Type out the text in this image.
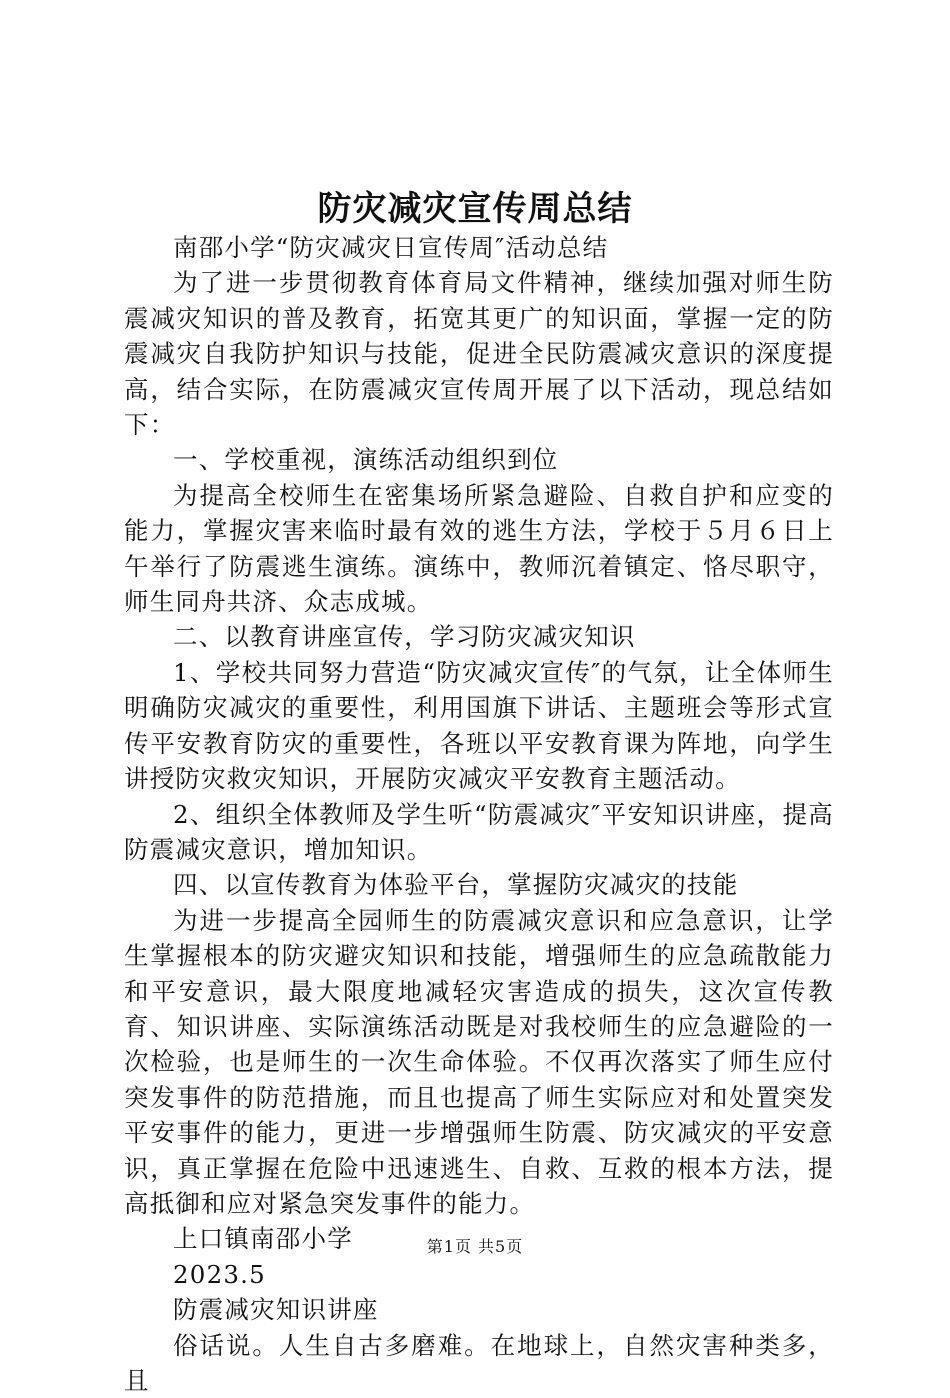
防灾减灾宣传周总结

南邵小学“防灾减灾日宣传周″活动总结

为了进一步贯彻教育体育局文件精神，继续加强对师生防震减灾知识的普及教育，拓宽其更广的知识面，掌握一定的防震减灾自我防护知识与技能，促进全民防震减灾意识的深度提高，结合实际，在防震减灾宣传周开展了以下活动，现总结如下：

一、学校重视，演练活动组织到位

为提高全校师生在密集场所紧急避险、自救自护和应变的能力，掌握灾害来临时最有效的逃生方法，学校于５月６日上午举行了防震逃生演练。演练中，教师沉着镇定、恪尽职守，师生同舟共济、众志成城。

二、以教育讲座宣传，学习防灾减灾知识

1、学校共同努力营造“防灾减灾宣传″的气氛，让全体师生明确防灾减灾的重要性，利用国旗下讲话、主题班会等形式宣传平安教育防灾的重要性，各班以平安教育课为阵地，向学生讲授防灾救灾知识，开展防灾减灾平安教育主题活动。

2、组织全体教师及学生听“防震减灾″平安知识讲座，提高防震减灾意识，增加知识。

四、以宣传教育为体验平台，掌握防灾减灾的技能

为进一步提高全园师生的防震减灾意识和应急意识，让学生掌握根本的防灾避灾知识和技能，增强师生的应急疏散能力和平安意识，最大限度地减轻灾害造成的损失，这次宣传教育、知识讲座、实际演练活动既是对我校师生的应急避险的一次检验，也是师生的一次生命体验。不仅再次落实了师生应付突发事件的防范措施，而且也提高了师生实际应对和处置突发平安事件的能力，更进一步增强师生防震、防灾减灾的平安意识，真正掌握在危险中迅速逃生、自救、互救的根本方法，提高抵御和应对紧急突发事件的能力。

上口镇南邵小学

2023.5

防震减灾知识讲座

俗话说。人生自古多磨难。在地球上，自然灾害种类多，且

第1页 共5页
